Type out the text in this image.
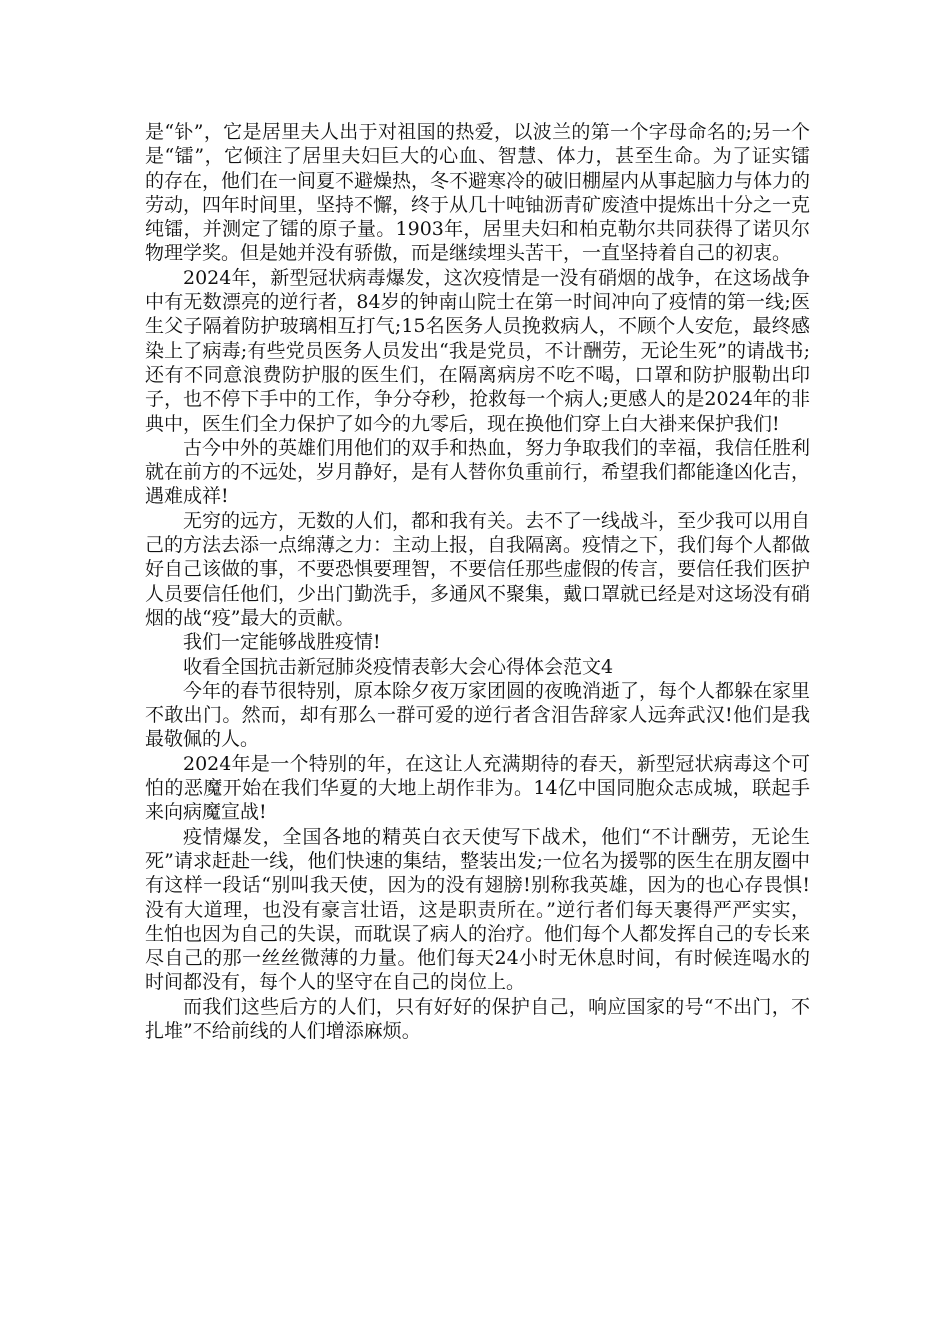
是“钋”，它是居里夫人出于对祖国的热爱，以波兰的第一个字母命名的;另一个是“镭”，它倾注了居里夫妇巨大的心血、智慧、体力，甚至生命。为了证实镭的存在，他们在一间夏不避燥热，冬不避寒冷的破旧棚屋内从事起脑力与体力的劳动，四年时间里，坚持不懈，终于从几十吨铀沥青矿废渣中提炼出十分之一克纯镭，并测定了镭的原子量。1903年，居里夫妇和柏克勒尔共同获得了诺贝尔物理学奖。但是她并没有骄傲，而是继续埋头苦干，一直坚持着自己的初衷。

2024年，新型冠状病毒爆发，这次疫情是一没有硝烟的战争，在这场战争中有无数漂亮的逆行者，84岁的钟南山院士在第一时间冲向了疫情的第一线;医生父子隔着防护玻璃相互打气;15名医务人员挽救病人，不顾个人安危，最终感染上了病毒;有些党员医务人员发出“我是党员，不计酬劳，无论生死”的请战书;还有不同意浪费防护服的医生们，在隔离病房不吃不喝，口罩和防护服勒出印子，也不停下手中的工作，争分夺秒，抢救每一个病人;更感人的是2024年的非典中，医生们全力保护了如今的九零后，现在换他们穿上白大褂来保护我们!

古今中外的英雄们用他们的双手和热血，努力争取我们的幸福，我信任胜利就在前方的不远处，岁月静好，是有人替你负重前行，希望我们都能逢凶化吉，遇难成祥!

无穷的远方，无数的人们，都和我有关。去不了一线战斗，至少我可以用自己的方法去添一点绵薄之力：主动上报，自我隔离。疫情之下，我们每个人都做好自己该做的事，不要恐惧要理智，不要信任那些虚假的传言，要信任我们医护人员要信任他们，少出门勤洗手，多通风不聚集，戴口罩就已经是对这场没有硝烟的战“疫”最大的贡献。

我们一定能够战胜疫情!

收看全国抗击新冠肺炎疫情表彰大会心得体会范文4

今年的春节很特别，原本除夕夜万家团圆的夜晚消逝了，每个人都躲在家里不敢出门。然而，却有那么一群可爱的逆行者含泪告辞家人远奔武汉!他们是我最敬佩的人。

2024年是一个特别的年，在这让人充满期待的春天，新型冠状病毒这个可怕的恶魔开始在我们华夏的大地上胡作非为。14亿中国同胞众志成城，联起手来向病魔宣战!

疫情爆发，全国各地的精英白衣天使写下战术，他们“不计酬劳，无论生死”请求赶赴一线，他们快速的集结，整装出发;一位名为援鄂的医生在朋友圈中有这样一段话“别叫我天使，因为的没有翅膀!别称我英雄，因为的也心存畏惧!没有大道理，也没有豪言壮语，这是职责所在。”逆行者们每天裹得严严实实，生怕也因为自己的失误，而耽误了病人的治疗。他们每个人都发挥自己的专长来尽自己的那一丝丝微薄的力量。他们每天24小时无休息时间，有时候连喝水的时间都没有，每个人的坚守在自己的岗位上。

而我们这些后方的人们，只有好好的保护自己，响应国家的号“不出门，不扎堆”不给前线的人们增添麻烦。
